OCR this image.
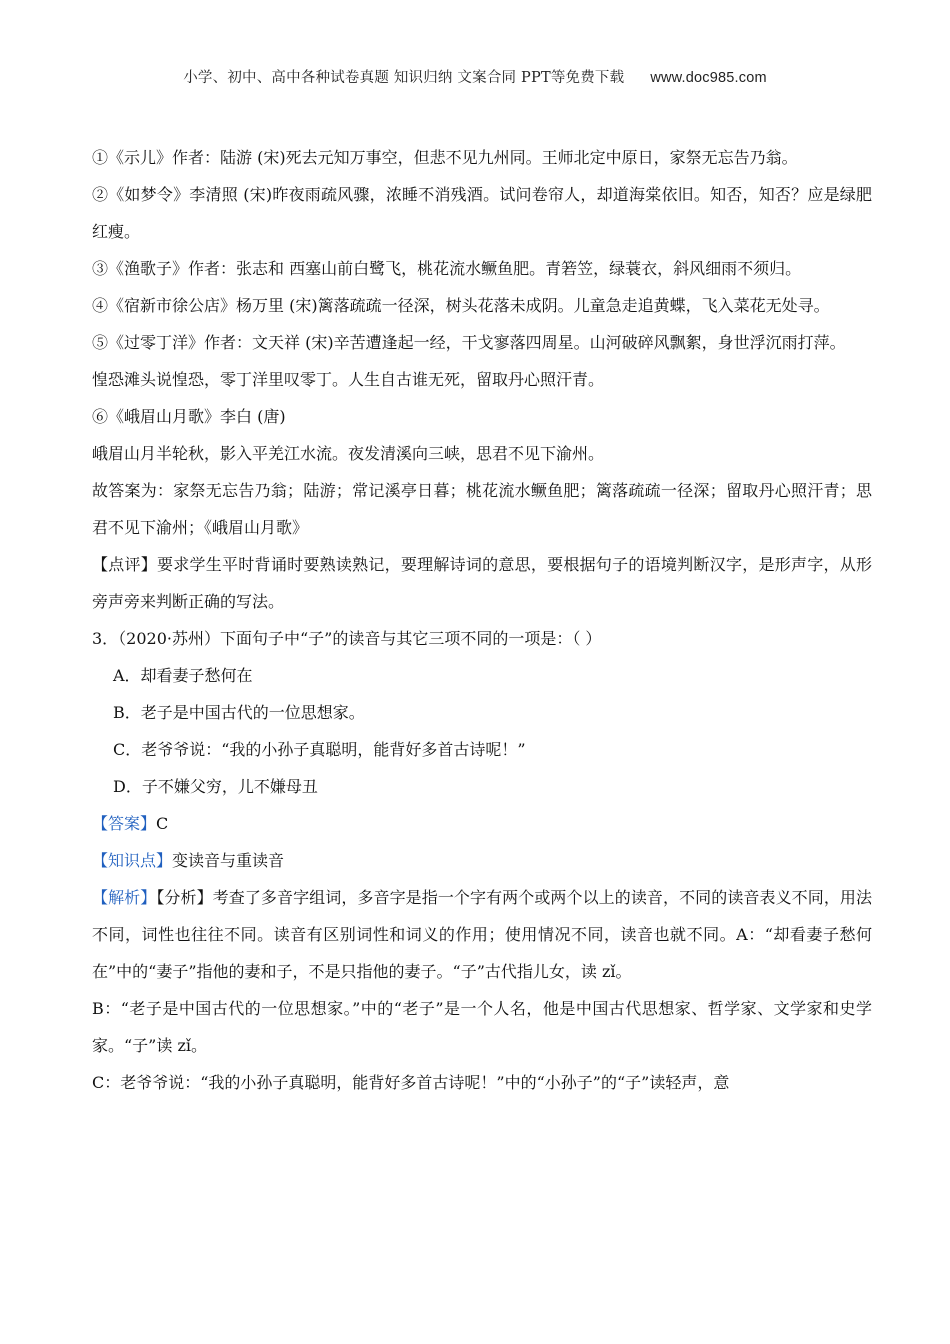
小学、初中、高中各种试卷真题 知识归纳 文案合同 PPT等免费下载 www.doc985.com

①《示儿》作者：陆游 (宋)死去元知万事空，但悲不见九州同。王师北定中原日，家祭无忘告乃翁。

②《如梦令》李清照 (宋)昨夜雨疏风骤，浓睡不消残酒。试问卷帘人，却道海棠依旧。知否，知否？应是绿肥红瘦。

③《渔歌子》作者：张志和 西塞山前白鹭飞，桃花流水鳜鱼肥。青箬笠，绿蓑衣，斜风细雨不须归。

④《宿新市徐公店》杨万里 (宋)篱落疏疏一径深，树头花落未成阴。儿童急走追黄蝶，飞入菜花无处寻。

⑤《过零丁洋》作者：文天祥 (宋)辛苦遭逢起一经，干戈寥落四周星。山河破碎风飘絮，身世浮沉雨打萍。

惶恐滩头说惶恐，零丁洋里叹零丁。人生自古谁无死，留取丹心照汗青。

⑥《峨眉山月歌》李白 (唐)

峨眉山月半轮秋，影入平羌江水流。夜发清溪向三峡，思君不见下渝州。

故答案为：家祭无忘告乃翁；陆游；常记溪亭日暮；桃花流水鳜鱼肥；篱落疏疏一径深；留取丹心照汗青；思君不见下渝州；《峨眉山月歌》

【点评】要求学生平时背诵时要熟读熟记，要理解诗词的意思，要根据句子的语境判断汉字，是形声字，从形旁声旁来判断正确的写法。

3．（2020·苏州）下面句子中“子”的读音与其它三项不同的一项是：（ ）

A．却看妻子愁何在

B．老子是中国古代的一位思想家。

C．老爷爷说：“我的小孙子真聪明，能背好多首古诗呢！”

D．子不嫌父穷，儿不嫌母丑

【答案】C

【知识点】变读音与重读音

【解析】【分析】考查了多音字组词，多音字是指一个字有两个或两个以上的读音，不同的读音表义不同，用法不同，词性也往往不同。读音有区别词性和词义的作用；使用情况不同，读音也就不同。A：“却看妻子愁何在”中的“妻子”指他的妻和子，不是只指他的妻子。“子”古代指儿女，读 zǐ。

B：“老子是中国古代的一位思想家。”中的“老子”是一个人名，他是中国古代思想家、哲学家、文学家和史学家。“子”读 zǐ。

C：老爷爷说：“我的小孙子真聪明，能背好多首古诗呢！”中的“小孙子”的“子”读轻声，意
